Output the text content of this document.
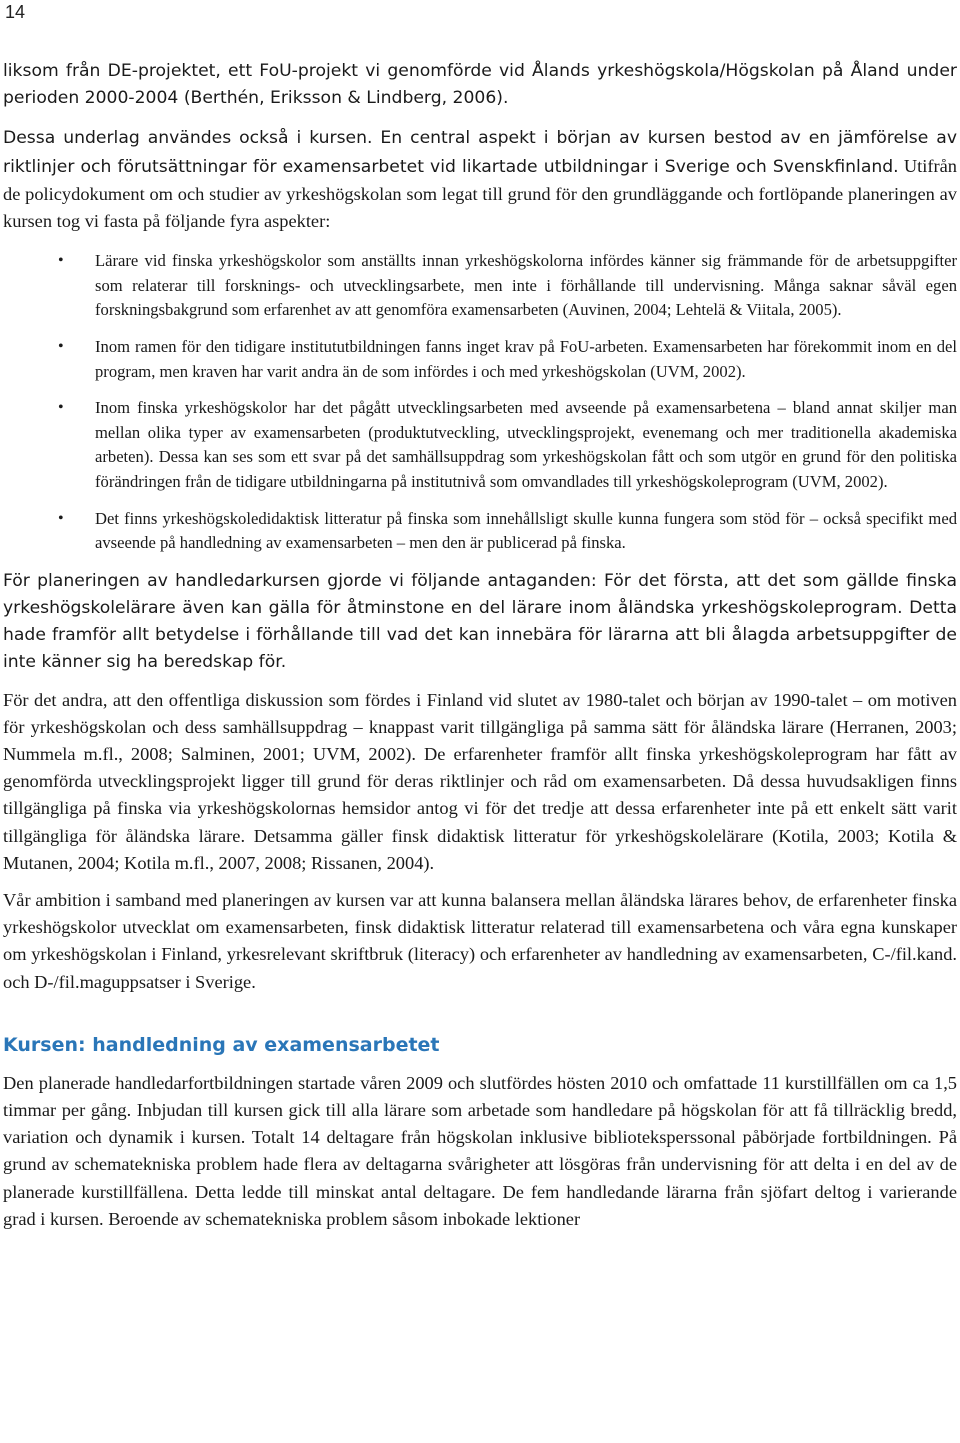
14

liksom från DE-projektet, ett FoU-projekt vi genomförde vid Ålands yrkeshögskola/Högskolan på Åland under perioden 2000-2004 (Berthén, Eriksson & Lindberg, 2006).

Dessa underlag användes också i kursen. En central aspekt i början av kursen bestod av en jämförelse av riktlinjer och förutsättningar för examensarbetet vid likartade utbildningar i Sverige och Svenskfinland. Utifrån de policydokument om och studier av yrkeshögskolan som legat till grund för den grundläggande och fortlöpande planeringen av kursen tog vi fasta på följande fyra aspekter:

• Lärare vid finska yrkeshögskolor som anställts innan yrkeshögskolorna infördes känner sig främmande för de arbetsuppgifter som relaterar till forsknings- och utvecklingsarbete, men inte i förhållande till undervisning. Många saknar såväl egen forskningsbakgrund som erfarenhet av att genomföra examensarbeten (Auvinen, 2004; Lehtelä & Viitala, 2005).
• Inom ramen för den tidigare institututbildningen fanns inget krav på FoU-arbeten. Examensarbeten har förekommit inom en del program, men kraven har varit andra än de som infördes i och med yrkeshögskolan (UVM, 2002).
• Inom finska yrkeshögskolor har det pågått utvecklingsarbeten med avseende på examensarbetena – bland annat skiljer man mellan olika typer av examensarbeten (produktutveckling, utvecklingsprojekt, evenemang och mer traditionella akademiska arbeten). Dessa kan ses som ett svar på det samhällsuppdrag som yrkeshögskolan fått och som utgör en grund för den politiska förändringen från de tidigare utbildningarna på institutnivå som omvandlades till yrkeshögskoleprogram (UVM, 2002).
• Det finns yrkeshögskoledidaktisk litteratur på finska som innehållsligt skulle kunna fungera som stöd för – också specifikt med avseende på handledning av examensarbeten – men den är publicerad på finska.

För planeringen av handledarkursen gjorde vi följande antaganden: För det första, att det som gällde finska yrkeshögskolelärare även kan gälla för åtminstone en del lärare inom åländska yrkeshögskoleprogram. Detta hade framför allt betydelse i förhållande till vad det kan innebära för lärarna att bli ålagda arbetsuppgifter de inte känner sig ha beredskap för.

För det andra, att den offentliga diskussion som fördes i Finland vid slutet av 1980-talet och början av 1990-talet – om motiven för yrkeshögskolan och dess samhällsuppdrag – knappast varit tillgängliga på samma sätt för åländska lärare (Herranen, 2003; Nummela m.fl., 2008; Salminen, 2001; UVM, 2002). De erfarenheter framför allt finska yrkeshögskoleprogram har fått av genomförda utvecklingsprojekt ligger till grund för deras riktlinjer och råd om examensarbeten. Då dessa huvudsakligen finns tillgängliga på finska via yrkeshögskolornas hemsidor antog vi för det tredje att dessa erfarenheter inte på ett enkelt sätt varit tillgängliga för åländska lärare. Detsamma gäller finsk didaktisk litteratur för yrkeshögskolelärare (Kotila, 2003; Kotila & Mutanen, 2004; Kotila m.fl., 2007, 2008; Rissanen, 2004).

Vår ambition i samband med planeringen av kursen var att kunna balansera mellan åländska lärares behov, de erfarenheter finska yrkeshögskolor utvecklat om examensarbeten, finsk didaktisk litteratur relaterad till examensarbetena och våra egna kunskaper om yrkeshögskolan i Finland, yrkesrelevant skriftbruk (literacy) och erfarenheter av handledning av examensarbeten, C-/fil.kand. och D-/fil.maguppsatser i Sverige.

Kursen: handledning av examensarbetet

Den planerade handledarfortbildningen startade våren 2009 och slutfördes hösten 2010 och omfattade 11 kurstillfällen om ca 1,5 timmar per gång. Inbjudan till kursen gick till alla lärare som arbetade som handledare på högskolan för att få tillräcklig bredd, variation och dynamik i kursen. Totalt 14 deltagare från högskolan inklusive biblioteksperssonal påbörjade fortbildningen. På grund av schematekniska problem hade flera av deltagarna svårigheter att lösgöras från undervisning för att delta i en del av de planerade kurstillfällena. Detta ledde till minskat antal deltagare. De fem handledande lärarna från sjöfart deltog i varierande grad i kursen. Beroende av schematekniska problem såsom inbokade lektioner
